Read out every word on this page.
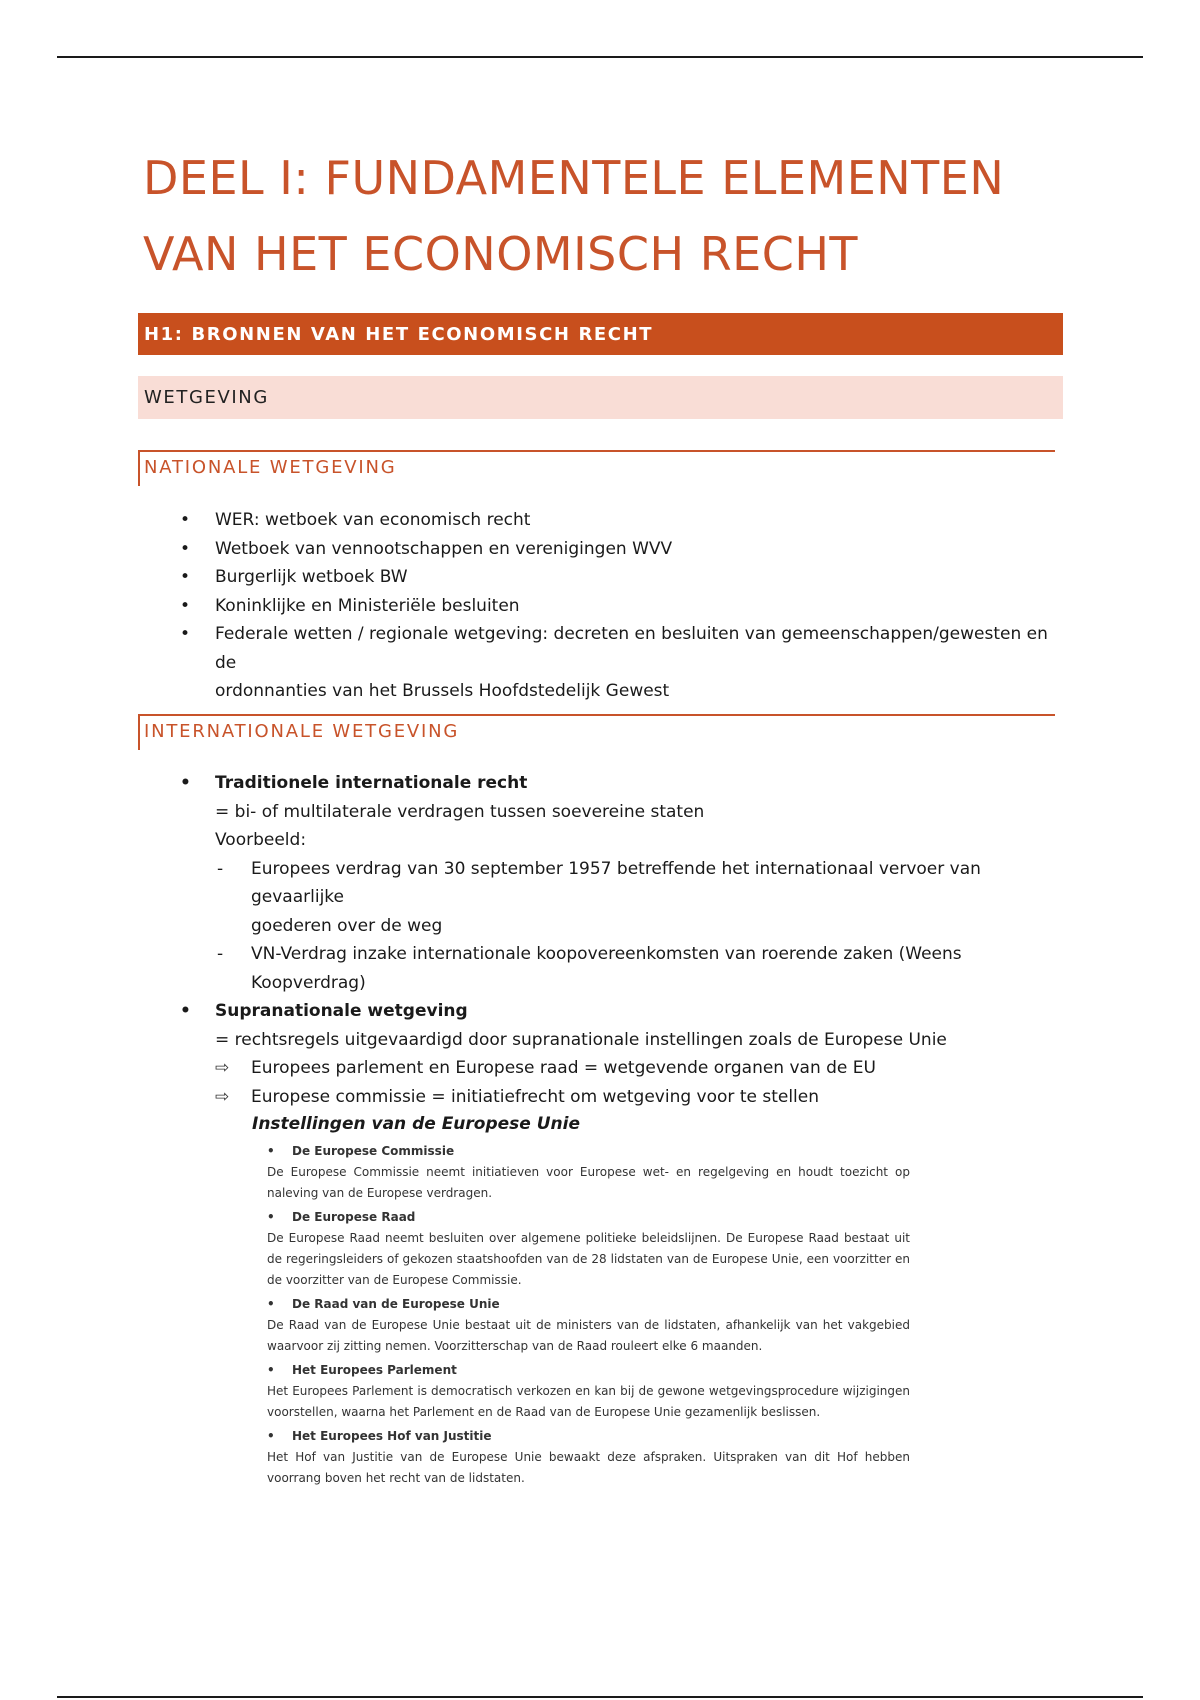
DEEL I: FUNDAMENTELE ELEMENTEN
VAN HET ECONOMISCH RECHT
H1: BRONNEN VAN HET ECONOMISCH RECHT
WETGEVING
NATIONALE WETGEVING
• WER: wetboek van economisch recht
• Wetboek van vennootschappen en verenigingen WVV
• Burgerlijk wetboek BW
• Koninklijke en Ministeriële besluiten
• Federale wetten / regionale wetgeving: decreten en besluiten van gemeenschappen/gewesten en de
ordonnanties van het Brussels Hoofdstedelijk Gewest
INTERNATIONALE WETGEVING
• Traditionele internationale recht
= bi- of multilaterale verdragen tussen soevereine staten
Voorbeeld:
- Europees verdrag van 30 september 1957 betreffende het internationaal vervoer van gevaarlijke
goederen over de weg
- VN-Verdrag inzake internationale koopovereenkomsten van roerende zaken (Weens
Koopverdrag)
• Supranationale wetgeving
= rechtsregels uitgevaardigd door supranationale instellingen zoals de Europese Unie
⇨ Europees parlement en Europese raad = wetgevende organen van de EU
⇨ Europese commissie = initiatiefrecht om wetgeving voor te stellen
Instellingen van de Europese Unie
• De Europese Commissie
De Europese Commissie neemt initiatieven voor Europese wet- en regelgeving en houdt toezicht op naleving van de Europese verdragen.
• De Europese Raad
De Europese Raad neemt besluiten over algemene politieke beleidslijnen. De Europese Raad bestaat uit de regeringsleiders of gekozen staatshoofden van de 28 lidstaten van de Europese Unie, een voorzitter en de voorzitter van de Europese Commissie.
• De Raad van de Europese Unie
De Raad van de Europese Unie bestaat uit de ministers van de lidstaten, afhankelijk van het vakgebied waarvoor zij zitting nemen. Voorzitterschap van de Raad rouleert elke 6 maanden.
• Het Europees Parlement
Het Europees Parlement is democratisch verkozen en kan bij de gewone wetgevingsprocedure wijzigingen voorstellen, waarna het Parlement en de Raad van de Europese Unie gezamenlijk beslissen.
• Het Europees Hof van Justitie
Het Hof van Justitie van de Europese Unie bewaakt deze afspraken. Uitspraken van dit Hof hebben voorrang boven het recht van de lidstaten.
